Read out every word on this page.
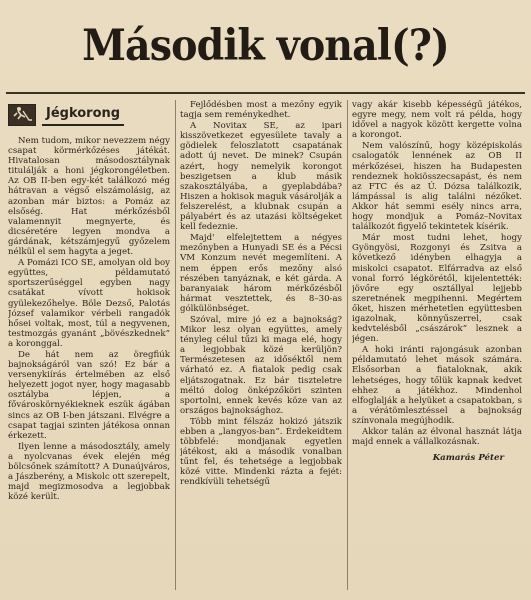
Második vonal(?)
Jégkorong

Nem tudom, mikor nevezzem négy csapat körmérkőzéses játékát. Hivatalosan másodosztálynak titulálják a honi jégkorongéletben. Az OB II-ben egy-két találkozó még hátravan a végső elszámolásig, az azonban már biztos: a Pomáz az elsőség. Hat mérkőzésből valamennyit megnyerte, és dicséretére legyen mondva a gárdának, kétszámjegyű győzelem nélkül el sem hagyta a jeget.

A Pomázi ICO SE, amolyan old boy együttes, példamutató sportszerűséggel egyben nagy csatákat vívott hokisok gyülekezőhelye. Böle Dezső, Palotás József valamikor vérbeli rangadók hősei voltak, most, túl a negyvenen, testmozgás gyanánt „bövészkednek” a koronggal.

De hát nem az öregfiúk bajnokságáról van szó! Ez bár a versenykiírás értelmében az első helyezett jogot nyer, hogy magasabb osztályba lépjen, a fővároskörnyékieknek eszük ágában sincs az OB I-ben játszani. Elvégre a csapat tagjai szinten játékosa onnan érkezett.

Ilyen lenne a másodosztály, amely a nyolcvanas évek elején még bölcsőnek számított? A Dunaújváros, a Jászberény, a Miskolc ott szerepelt, majd megizmosodva a legjobbak közé került.

Fejlődésben most a mezőny egyik tagja sem reménykedhet.

A Novitax SE, az ipari kisszövetkezet egyesülete tavaly a gödielek feloszlatott csapatának adott új nevet. De minek? Csupán azért, hogy nemelyik korongot beszigetsen a klub másik szakosztályába, a gyeplabdába? Hiszen a hokisok maguk vásárolják a felszerelést, a klubnak csupán a pályabért és az utazási költségeket kell fedeznie.

Majd' elfelejtettem a négyes mezőnyben a Hunyadi SE és a Pécsi VM Konzum nevét megemlíteni. A nem éppen erős mezőny alsó részében tanyáznak, e két gárda. A baranyaiak három mérkőzésből hármat vesztettek, és 8–30-as gólkülönbséget.

Szóval, mire jó ez a bajnokság? Mikor lesz olyan együttes, amely tényleg célul tűzi ki maga elé, hogy a legjobbak közé kerüljön? Természetesen az időséktől nem várható ez. A fiatalok pedig csak eljátszogatnak. Ez bár tiszteletre méltó dolog önképzőköri szinten sportolni, ennek kevés köze van az országos bajnoksághoz.

Több mint félszáz hokizó játszik ebben a „langyos-ban”. Érdekeidtem többfelé: mondjanak egyetlen játékost, aki a második vonalban tűnt fel, és tehetsége a legjobbak közé vitte. Mindenki rázta a fejét: rendkívüli tehetségű

vagy akár kisebb képességű játékos, egyre megy, nem volt rá példa, hogy idővel a nagyok között kergette volna a korongot.

Nem valószínű, hogy középiskolás csalogatók lennének az OB II mérkőzései, hiszen ha Budapesten rendeznek hokiösszecsapást, és nem az FTC és az Ú. Dózsa találkozik, lámpással is alig találni nézőket. Akkor hát semmi esély nincs arra, hogy mondjuk a Pomáz–Novitax találkozót figyelő tekintetek kísérik.

Már most tudni lehet, hogy Gyöngyösi, Rozgonyi és Zsitva a következő idényben elhagyja a miskolci csapatot. Elfárradva az első vonal forró légkörétől, kijelentették: jövőre egy osztállyal lejjebb szeretnének megpihenni. Megértem őket, hiszen mérhetetlen együttesben igazolnak, könnyűszerrel, csak kedvtelésből „császárok” lesznek a jégen.

A hoki iránti rajongásuk azonban példamutató lehet mások számára. Elsősorban a fiataloknak, akik lehetséges, hogy tőlük kapnak kedvet ehhez a játékhoz. Mindenhol elfoglalják a helyüket a csapatokban, s a vérátömlesztéssel a bajnokság színvonala megújhodik.

Akkor talán az élvonal hasznát látja majd ennek a vállalkozásnak.

Kamarás Péter
